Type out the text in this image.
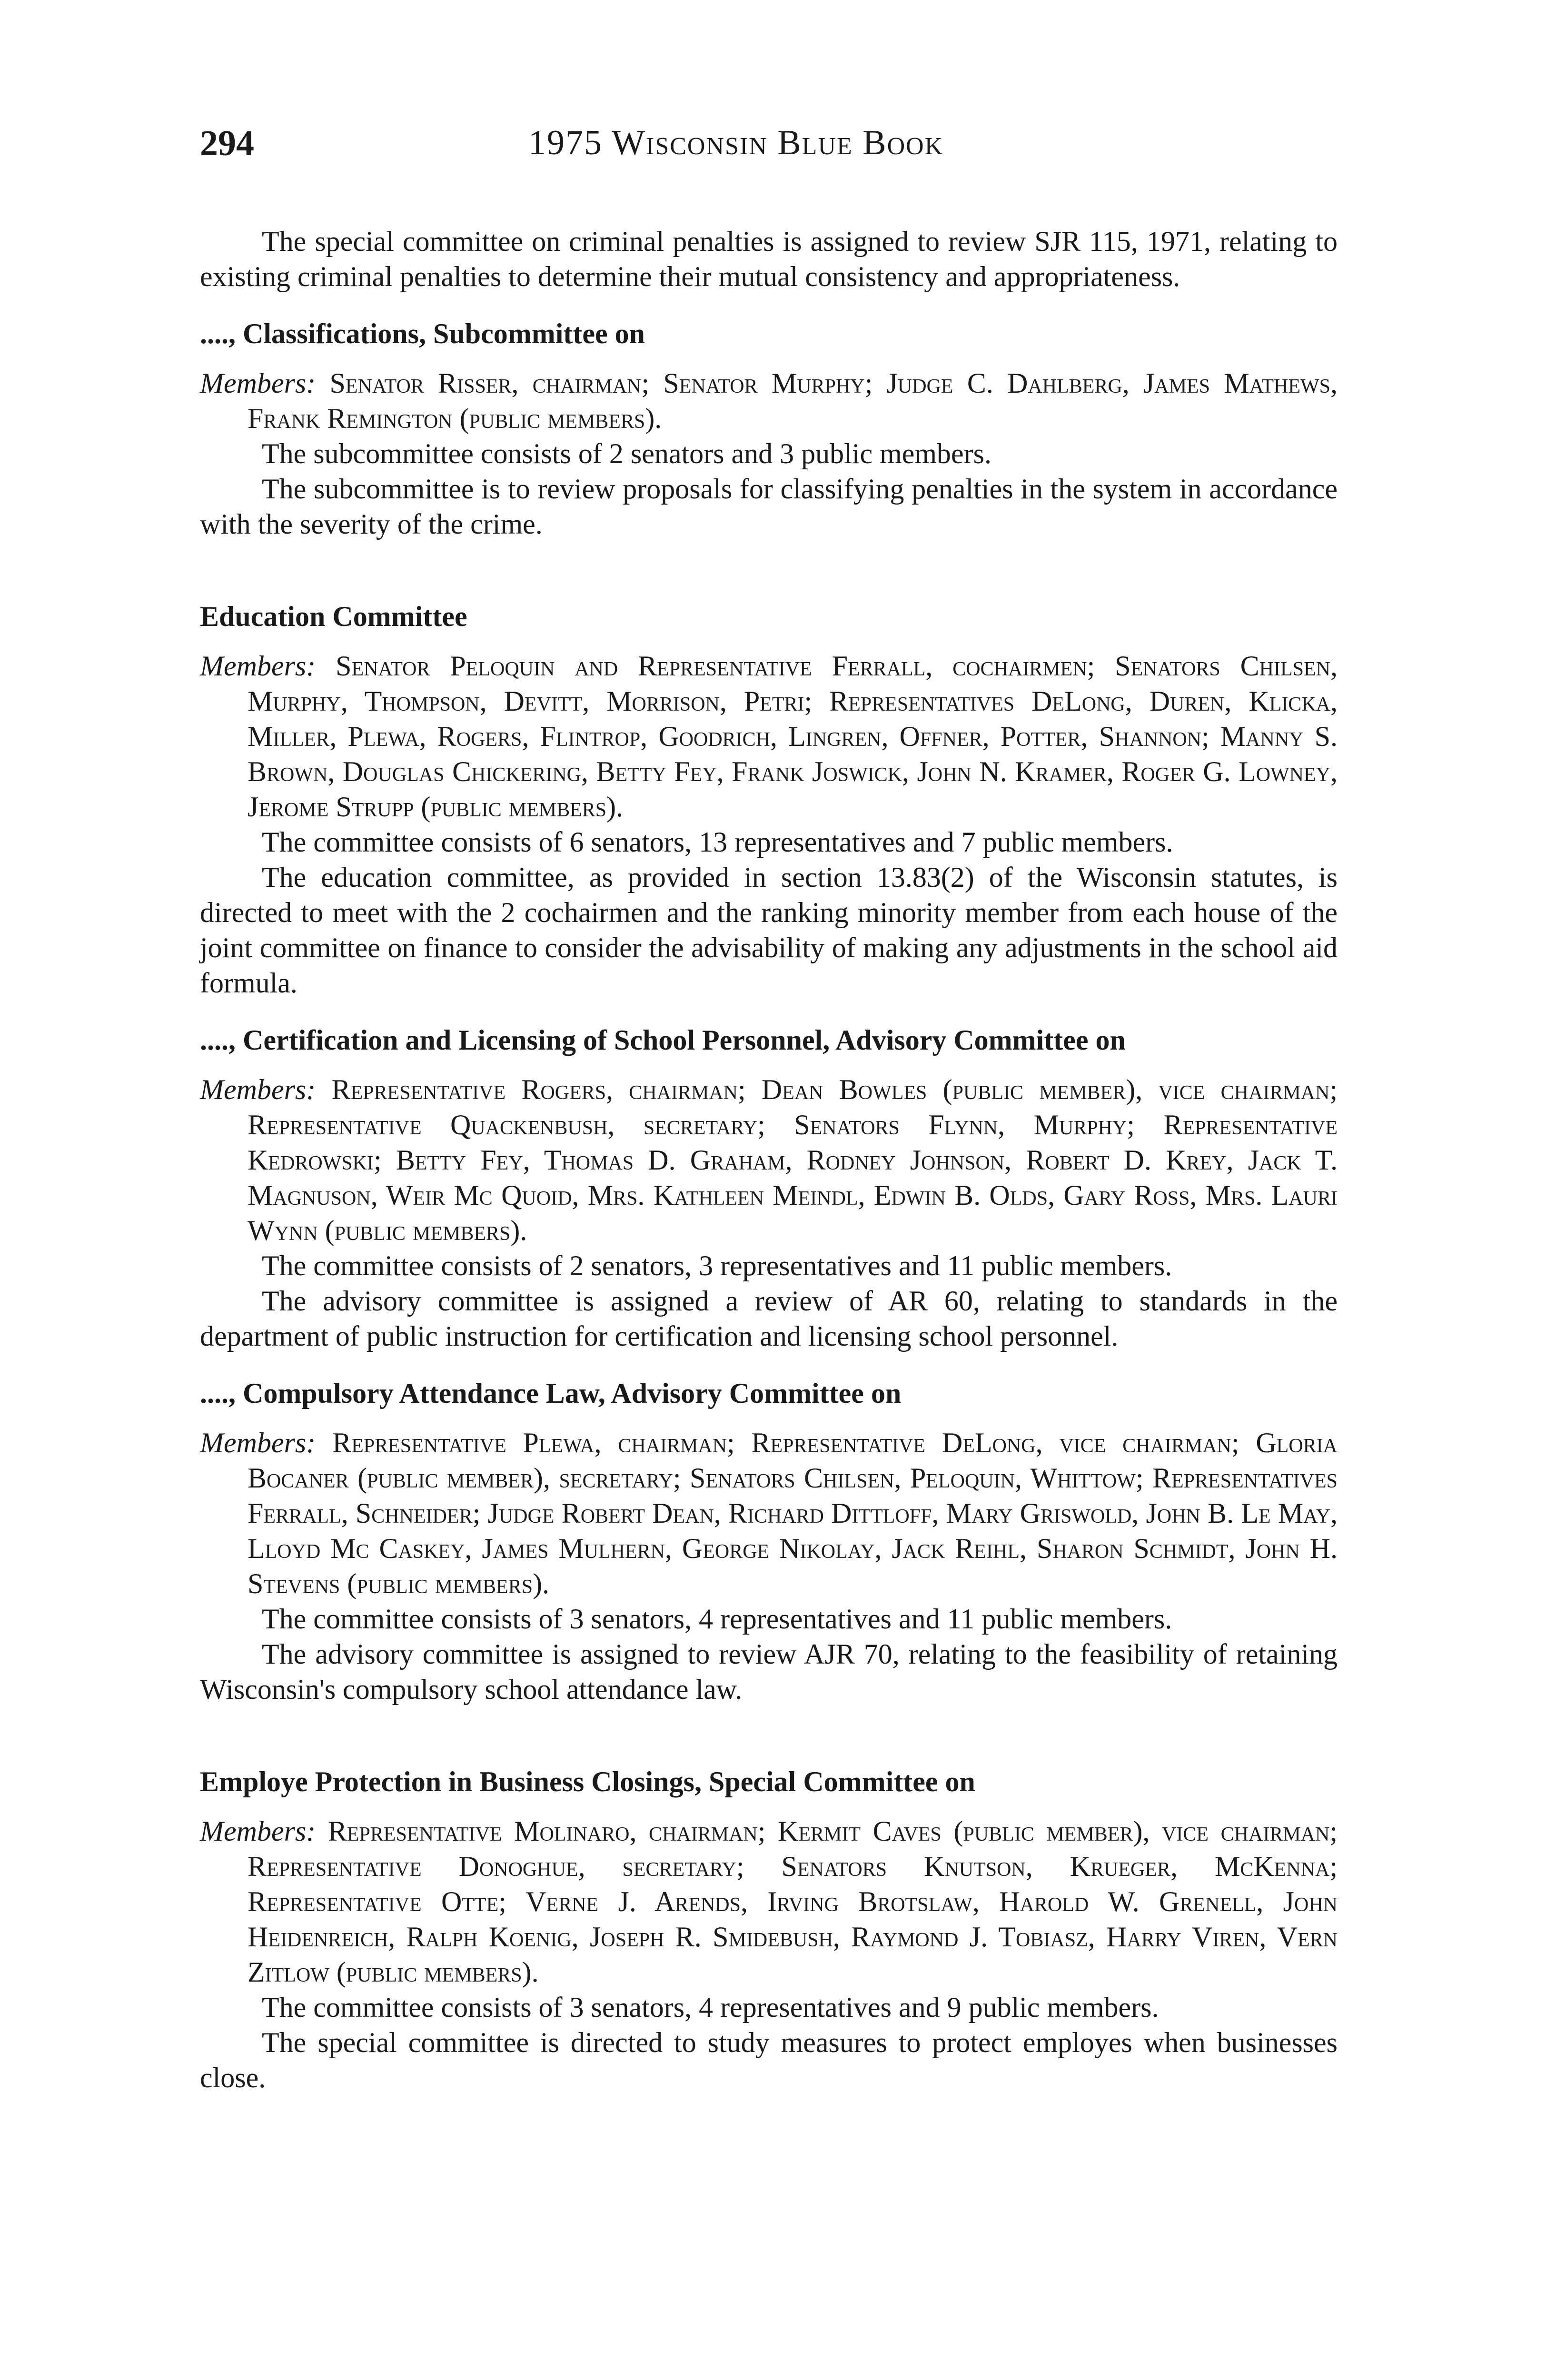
294	1975 Wisconsin Blue Book

The special committee on criminal penalties is assigned to review SJR 115, 1971, relating to existing criminal penalties to determine their mutual consistency and appropriateness.

...., Classifications, Subcommittee on

Members: Senator Risser, chairman; Senator Murphy; Judge C. Dahlberg, James Mathews, Frank Remington (public members).

The subcommittee consists of 2 senators and 3 public members.

The subcommittee is to review proposals for classifying penalties in the system in accordance with the severity of the crime.

Education Committee

Members: Senator Peloquin and Representative Ferrall, cochairmen; Senators Chilsen, Murphy, Thompson, Devitt, Morrison, Petri; Representatives DeLong, Duren, Klicka, Miller, Plewa, Rogers, Flintrop, Goodrich, Lingren, Offner, Potter, Shannon; Manny S. Brown, Douglas Chickering, Betty Fey, Frank Joswick, John N. Kramer, Roger G. Lowney, Jerome Strupp (public members).

The committee consists of 6 senators, 13 representatives and 7 public members.

The education committee, as provided in section 13.83(2) of the Wisconsin statutes, is directed to meet with the 2 cochairmen and the ranking minority member from each house of the joint committee on finance to consider the advisability of making any adjustments in the school aid formula.

...., Certification and Licensing of School Personnel, Advisory Committee on

Members: Representative Rogers, chairman; Dean Bowles (public member), vice chairman; Representative Quackenbush, secretary; Senators Flynn, Murphy; Representative Kedrowski; Betty Fey, Thomas D. Graham, Rodney Johnson, Robert D. Krey, Jack T. Magnuson, Weir Mc Quoid, Mrs. Kathleen Meindl, Edwin B. Olds, Gary Ross, Mrs. Lauri Wynn (public members).

The committee consists of 2 senators, 3 representatives and 11 public members.

The advisory committee is assigned a review of AR 60, relating to standards in the department of public instruction for certification and licensing school personnel.

...., Compulsory Attendance Law, Advisory Committee on

Members: Representative Plewa, chairman; Representative DeLong, vice chairman; Gloria Bocaner (public member), secretary; Senators Chilsen, Peloquin, Whittow; Representatives Ferrall, Schneider; Judge Robert Dean, Richard Dittloff, Mary Griswold, John B. Le May, Lloyd Mc Caskey, James Mulhern, George Nikolay, Jack Reihl, Sharon Schmidt, John H. Stevens (public members).

The committee consists of 3 senators, 4 representatives and 11 public members.

The advisory committee is assigned to review AJR 70, relating to the feasibility of retaining Wisconsin's compulsory school attendance law.

Employe Protection in Business Closings, Special Committee on

Members: Representative Molinaro, chairman; Kermit Caves (public member), vice chairman; Representative Donoghue, secretary; Senators Knutson, Krueger, McKenna; Representative Otte; Verne J. Arends, Irving Brotslaw, Harold W. Grenell, John Heidenreich, Ralph Koenig, Joseph R. Smidebush, Raymond J. Tobiasz, Harry Viren, Vern Zitlow (public members).

The committee consists of 3 senators, 4 representatives and 9 public members.

The special committee is directed to study measures to protect employes when businesses close.
